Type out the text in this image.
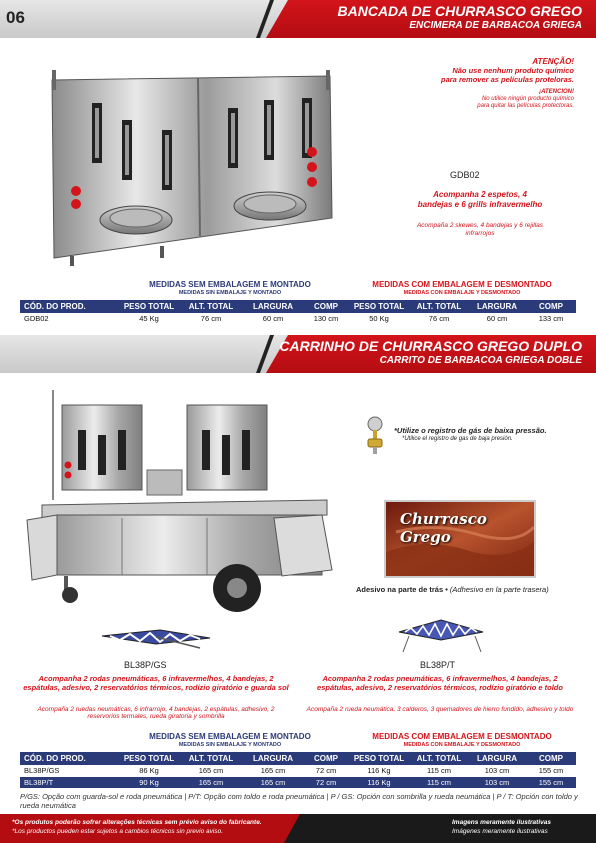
06	BANCADA DE CHURRASCO GREGO
ENCIMERA DE BARBACOA GRIEGA
ATENÇÃO!
Não use nenhum produto químico
para remover as películas proteloras.
¡ATENCION!
No utilice ningún producto químico
para quitar las películas protectoras.
GDB02
Acompanha 2 espetos, 4
bandejas e 6 grills infravermelho
Acompaña 2 skewes, 4 bandejas y 6 rejillas
infrarrojos
MEDIDAS SEM EMBALAGEM E MONTADO
MEDIDAS SIN EMBALAJE Y MONTADO
MEDIDAS COM EMBALAGEM E DESMONTADO
MEDIDAS CON EMBALAJE Y DESMONTADO
CÓD. DO PROD.	PESO TOTAL	ALT. TOTAL	LARGURA	COMP	PESO TOTAL	ALT. TOTAL	LARGURA	COMP
GDB02	45 Kg	76 cm	60 cm	130 cm	50 Kg	76 cm	60 cm	133 cm
CARRINHO DE CHURRASCO GREGO DUPLO
CARRITO DE BARBACOA GRIEGA DOBLE
*Utilize o registro de gás de baixa pressão.
*Utilice el registro de gas de baja presión.
Churrasco Grego
Adesivo na parte de trás • (Adhesivo en la parte trasera)
BL38P/GS	BL38P/T
Acompanha 2 rodas pneumáticas, 6 infravermelhos, 4 bandejas, 2 espátulas, adesivo, 2 reservatórios térmicos, rodízio giratório e guarda sol
Acompaña 2 ruedas neumáticas, 6 infrarrojo, 4 bandejas, 2 espátulas, adhesivo, 2 reservorios termales, rueda giratoria y sombrilla
Acompanha 2 rodas pneumáticas, 6 infravermelhos, 4 bandejas, 2 espátulas, adesivo, 2 reservatórios térmicos, rodízio giratório e toldo
Acompaña 2 rueda neumática, 3 calderos, 3 quemadores de hierro fundido, adhesivo y toldo
MEDIDAS SEM EMBALAGEM E MONTADO
MEDIDAS SIN EMBALAJE Y MONTADO
MEDIDAS COM EMBALAGEM E DESMONTADO
MEDIDAS CON EMBALAJE Y DESMONTADO
CÓD. DO PROD.	PESO TOTAL	ALT. TOTAL	LARGURA	COMP	PESO TOTAL	ALT. TOTAL	LARGURA	COMP
BL38P/GS	86 Kg	165 cm	165 cm	72 cm	116 Kg	115 cm	103 cm	155 cm
BL38P/T	90 Kg	165 cm	165 cm	72 cm	116 Kg	115 cm	103 cm	155 cm
P/GS: Opção com guarda-sol e roda pneumática | P/T: Opção com toldo e roda pneumática | P / GS: Opción con sombrilla y rueda neumática | P / T: Opción con toldo y rueda neumática
*Os produtos poderão sofrer alterações técnicas sem prévio aviso do fabricante.
*Los productos pueden estar sujetos a cambios técnicos sin previo aviso.
Imagens meramente ilustrativas
Imágenes meramente ilustrativas
